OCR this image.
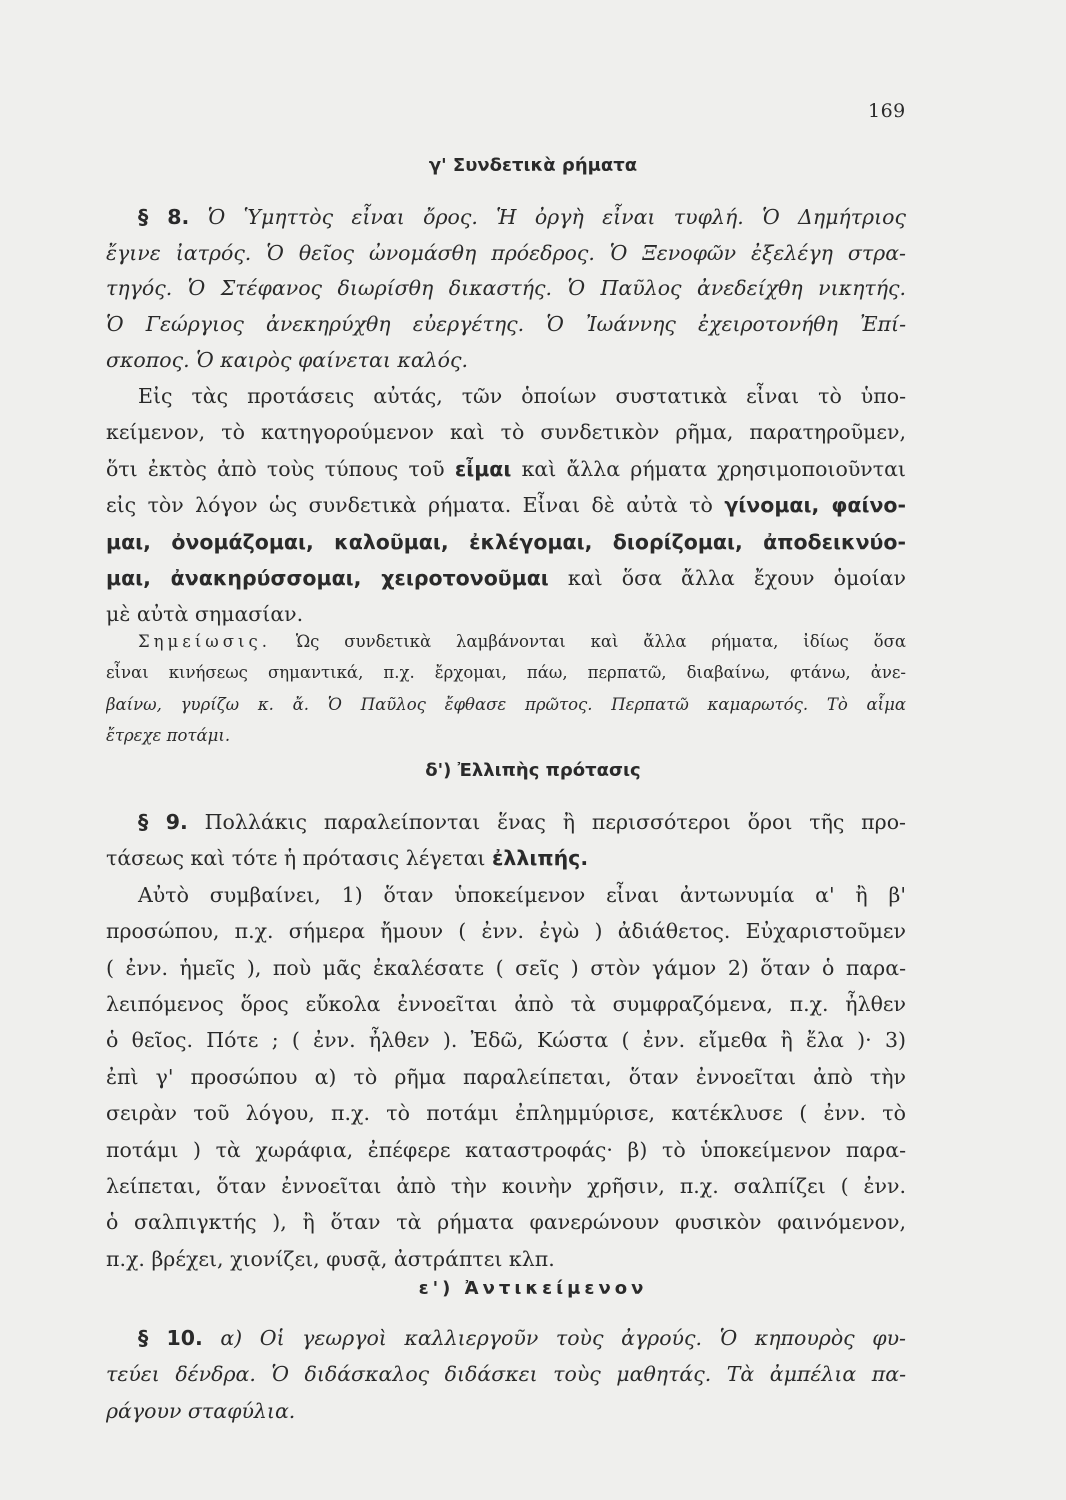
169
γ' Συνδετικὰ ρήματα
§ 8. Ὁ Ὑμηττὸς εἶναι ὄρος. Ἡ ὀργὴ εἶναι τυφλή. Ὁ Δημήτριος
ἔγινε ἰατρός. Ὁ θεῖος ὠνομάσθη πρόεδρος. Ὁ Ξενοφῶν ἐξελέγη στρα-
τηγός. Ὁ Στέφανος διωρίσθη δικαστής. Ὁ Παῦλος ἀνεδείχθη νικητής.
Ὁ Γεώργιος ἀνεκηρύχθη εὐεργέτης. Ὁ Ἰωάννης ἐχειροτονήθη Ἐπί-
σκοπος. Ὁ καιρὸς φαίνεται καλός.
Εἰς τὰς προτάσεις αὐτάς, τῶν ὁποίων συστατικὰ εἶναι τὸ ὑπο-
κείμενον, τὸ κατηγορούμενον καὶ τὸ συνδετικὸν ρῆμα, παρατηροῦμεν,
ὅτι ἐκτὸς ἀπὸ τοὺς τύπους τοῦ εἶμαι καὶ ἄλλα ρήματα χρησιμοποιοῦνται
εἰς τὸν λόγον ὡς συνδετικὰ ρήματα. Εἶναι δὲ αὐτὰ τὸ γίνομαι, φαίνο-
μαι, ὀνομάζομαι, καλοῦμαι, ἐκλέγομαι, διορίζομαι, ἀποδεικνύο-
μαι, ἀνακηρύσσομαι, χειροτονοῦμαι καὶ ὅσα ἄλλα ἔχουν ὁμοίαν
μὲ αὐτὰ σημασίαν.
Σημείωσις. Ὡς συνδετικὰ λαμβάνονται καὶ ἄλλα ρήματα, ἰδίως ὅσα
εἶναι κινήσεως σημαντικά, π.χ. ἔρχομαι, πάω, περπατῶ, διαβαίνω, φτάνω, ἀνε-
βαίνω, γυρίζω κ. ἄ. Ὁ Παῦλος ἔφθασε πρῶτος. Περπατῶ καμαρωτός. Τὸ αἷμα
ἔτρεχε ποτάμι.
δ') Ἐλλιπὴς πρότασις
§ 9. Πολλάκις παραλείπονται ἕνας ἢ περισσότεροι ὅροι τῆς προ-
τάσεως καὶ τότε ἡ πρότασις λέγεται ἐλλιπής.
Αὐτὸ συμβαίνει, 1) ὅταν ὑποκείμενον εἶναι ἀντωνυμία α' ἢ β'
προσώπου, π.χ. σήμερα ἤμουν ( ἐνν. ἐγὼ ) ἀδιάθετος. Εὐχαριστοῦμεν
( ἐνν. ἡμεῖς ), ποὺ μᾶς ἐκαλέσατε ( σεῖς ) στὸν γάμον 2) ὅταν ὁ παρα-
λειπόμενος ὅρος εὔκολα ἐννοεῖται ἀπὸ τὰ συμφραζόμενα, π.χ. ἦλθεν
ὁ θεῖος. Πότε ; ( ἐνν. ἦλθεν ). Ἐδῶ, Κώστα ( ἐνν. εἴμεθα ἢ ἔλα )· 3)
ἐπὶ γ' προσώπου α) τὸ ρῆμα παραλείπεται, ὅταν ἐννοεῖται ἀπὸ τὴν
σειρὰν τοῦ λόγου, π.χ. τὸ ποτάμι ἐπλημμύρισε, κατέκλυσε ( ἐνν. τὸ
ποτάμι ) τὰ χωράφια, ἐπέφερε καταστροφάς· β) τὸ ὑποκείμενον παρα-
λείπεται, ὅταν ἐννοεῖται ἀπὸ τὴν κοινὴν χρῆσιν, π.χ. σαλπίζει ( ἐνν.
ὁ σαλπιγκτής ), ἢ ὅταν τὰ ρήματα φανερώνουν φυσικὸν φαινόμενον,
π.χ. βρέχει, χιονίζει, φυσᾷ, ἀστράπτει κλπ.
ε') Ἀντικείμενον
§ 10. α) Οἱ γεωργοὶ καλλιεργοῦν τοὺς ἀγρούς. Ὁ κηπουρὸς φυ-
τεύει δένδρα. Ὁ διδάσκαλος διδάσκει τοὺς μαθητάς. Τὰ ἀμπέλια πα-
ράγουν σταφύλια.
